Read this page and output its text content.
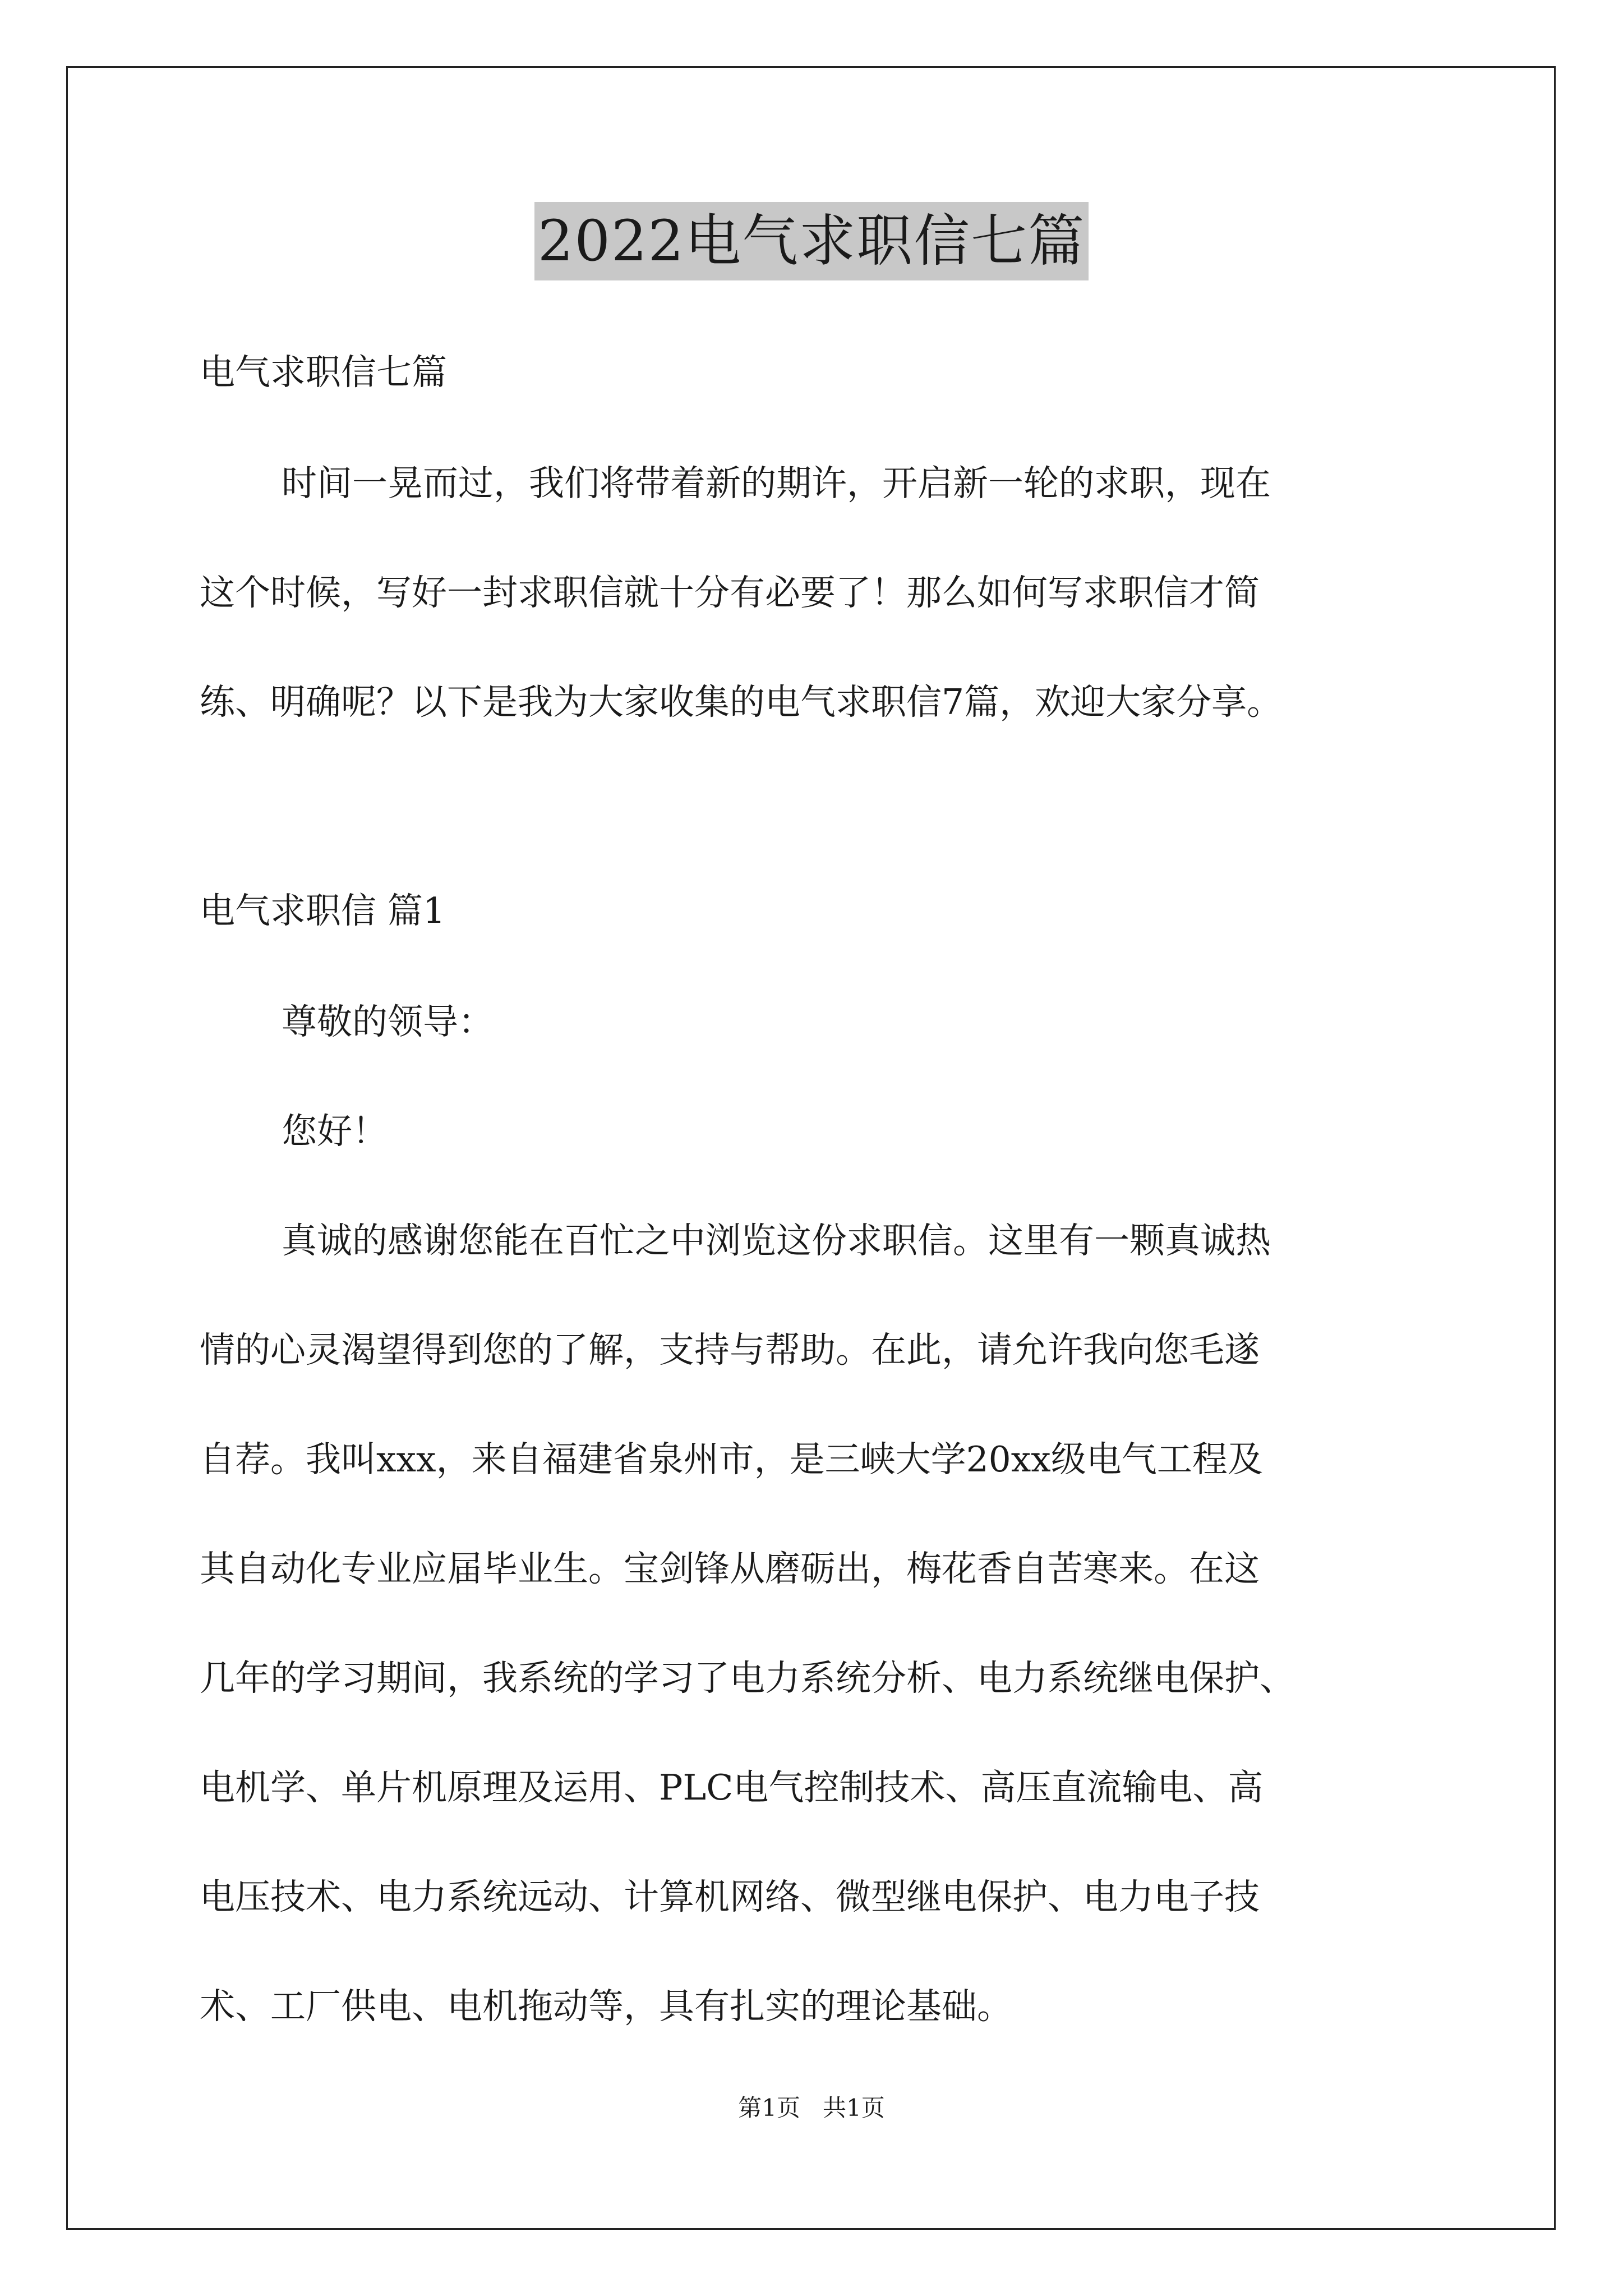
2022电气求职信七篇
电气求职信七篇
时间一晃而过，我们将带着新的期许，开启新一轮的求职，现在
这个时候，写好一封求职信就十分有必要了！那么如何写求职信才简
练、明确呢？以下是我为大家收集的电气求职信7篇，欢迎大家分享。
电气求职信 篇1
尊敬的领导：
您好！
真诚的感谢您能在百忙之中浏览这份求职信。这里有一颗真诚热
情的心灵渴望得到您的了解，支持与帮助。在此，请允许我向您毛遂
自荐。我叫xxx，来自福建省泉州市，是三峡大学20xx级电气工程及
其自动化专业应届毕业生。宝剑锋从磨砺出，梅花香自苦寒来。在这
几年的学习期间，我系统的学习了电力系统分析、电力系统继电保护、
电机学、单片机原理及运用、PLC电气控制技术、高压直流输电、高
电压技术、电力系统远动、计算机网络、微型继电保护、电力电子技
术、工厂供电、电机拖动等，具有扎实的理论基础。
第1页 共1页
